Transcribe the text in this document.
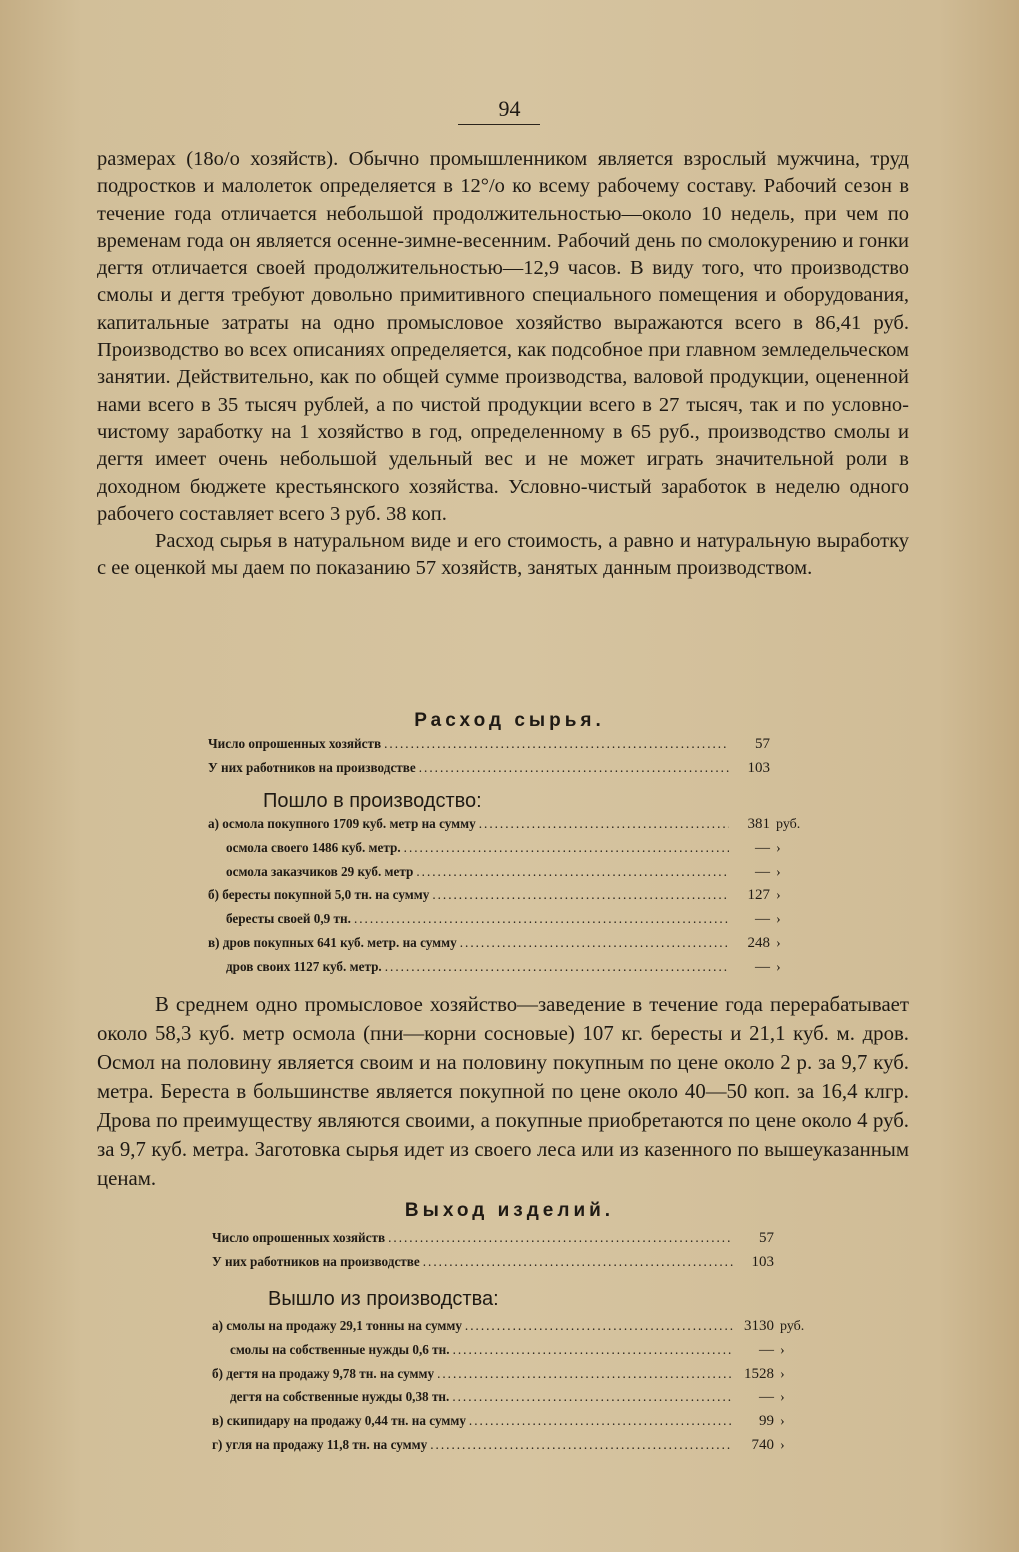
94

размерах (18о/о хозяйств). Обычно промышленником является взрослый мужчина, труд подростков и малолеток определяется в 12°/о ко всему рабочему составу. Рабочий сезон в течение года отличается небольшой продолжительностью—около 10 недель, при чем по временам года он является осенне-зимне-весенним. Рабочий день по смолокурению и гонки дегтя отличается своей продолжительностью—12,9 часов. В виду того, что производство смолы и дегтя требуют довольно примитивного специального помещения и оборудования, капитальные затраты на одно промысловое хозяйство выражаются всего в 86,41 руб. Производство во всех описаниях определяется, как подсобное при главном земледельческом занятии. Действительно, как по общей сумме производства, валовой продукции, оцененной нами всего в 35 тысяч рублей, а по чистой продукции всего в 27 тысяч, так и по условно-чистому заработку на 1 хозяйство в год, определенному в 65 руб., производство смолы и дегтя имеет очень небольшой удельный вес и не может играть значительной роли в доходном бюджете крестьянского хозяйства. Условно-чистый заработок в неделю одного рабочего составляет всего 3 руб. 38 коп.

Расход сырья в натуральном виде и его стоимость, а равно и натуральную выработку с ее оценкой мы даем по показанию 57 хозяйств, занятых данным производством.

Расход сырья.
Число опрошенных хозяйств .....	57
У них работников на производстве .....	103
Пошло в производство:
а) осмола покупного 1709 куб. метр на сумму .....	381 руб.
осмола своего 1486 куб. метр. .....	— ›
осмола заказчиков 29 куб. метр .....	— ›
б) бересты покупной 5,0 тн. на сумму .....	127 ›
бересты своей 0,9 тн. .....	— ›
в) дров покупных 641 куб. метр. на сумму .....	248 ›
дров своих 1127 куб. метр. .....	— ›

В среднем одно промысловое хозяйство—заведение в течение года перерабатывает около 58,3 куб. метр осмола (пни—корни сосновые) 107 кг. бересты и 21,1 куб. м. дров. Осмол на половину является своим и на половину покупным по цене около 2 р. за 9,7 куб. метра. Береста в большинстве является покупной по цене около 40—50 коп. за 16,4 клгр. Дрова по преимуществу являются своими, а покупные приобретаются по цене около 4 руб. за 9,7 куб. метра. Заготовка сырья идет из своего леса или из казенного по вышеуказанным ценам.

Выход изделий.
Число опрошенных хозяйств .....	57
У них работников на производстве .....	103
Вышло из производства:
а) смолы на продажу 29,1 тонны на сумму .....	3130 руб.
смолы на собственные нужды 0,6 тн. .....	— ›
б) дегтя на продажу 9,78 тн. на сумму .....	1528 ›
дегтя на собственные нужды 0,38 тн. .....	— ›
в) скипидару на продажу 0,44 тн. на сумму .....	99 ›
г) угля на продажу 11,8 тн. на сумму .....	740 ›
